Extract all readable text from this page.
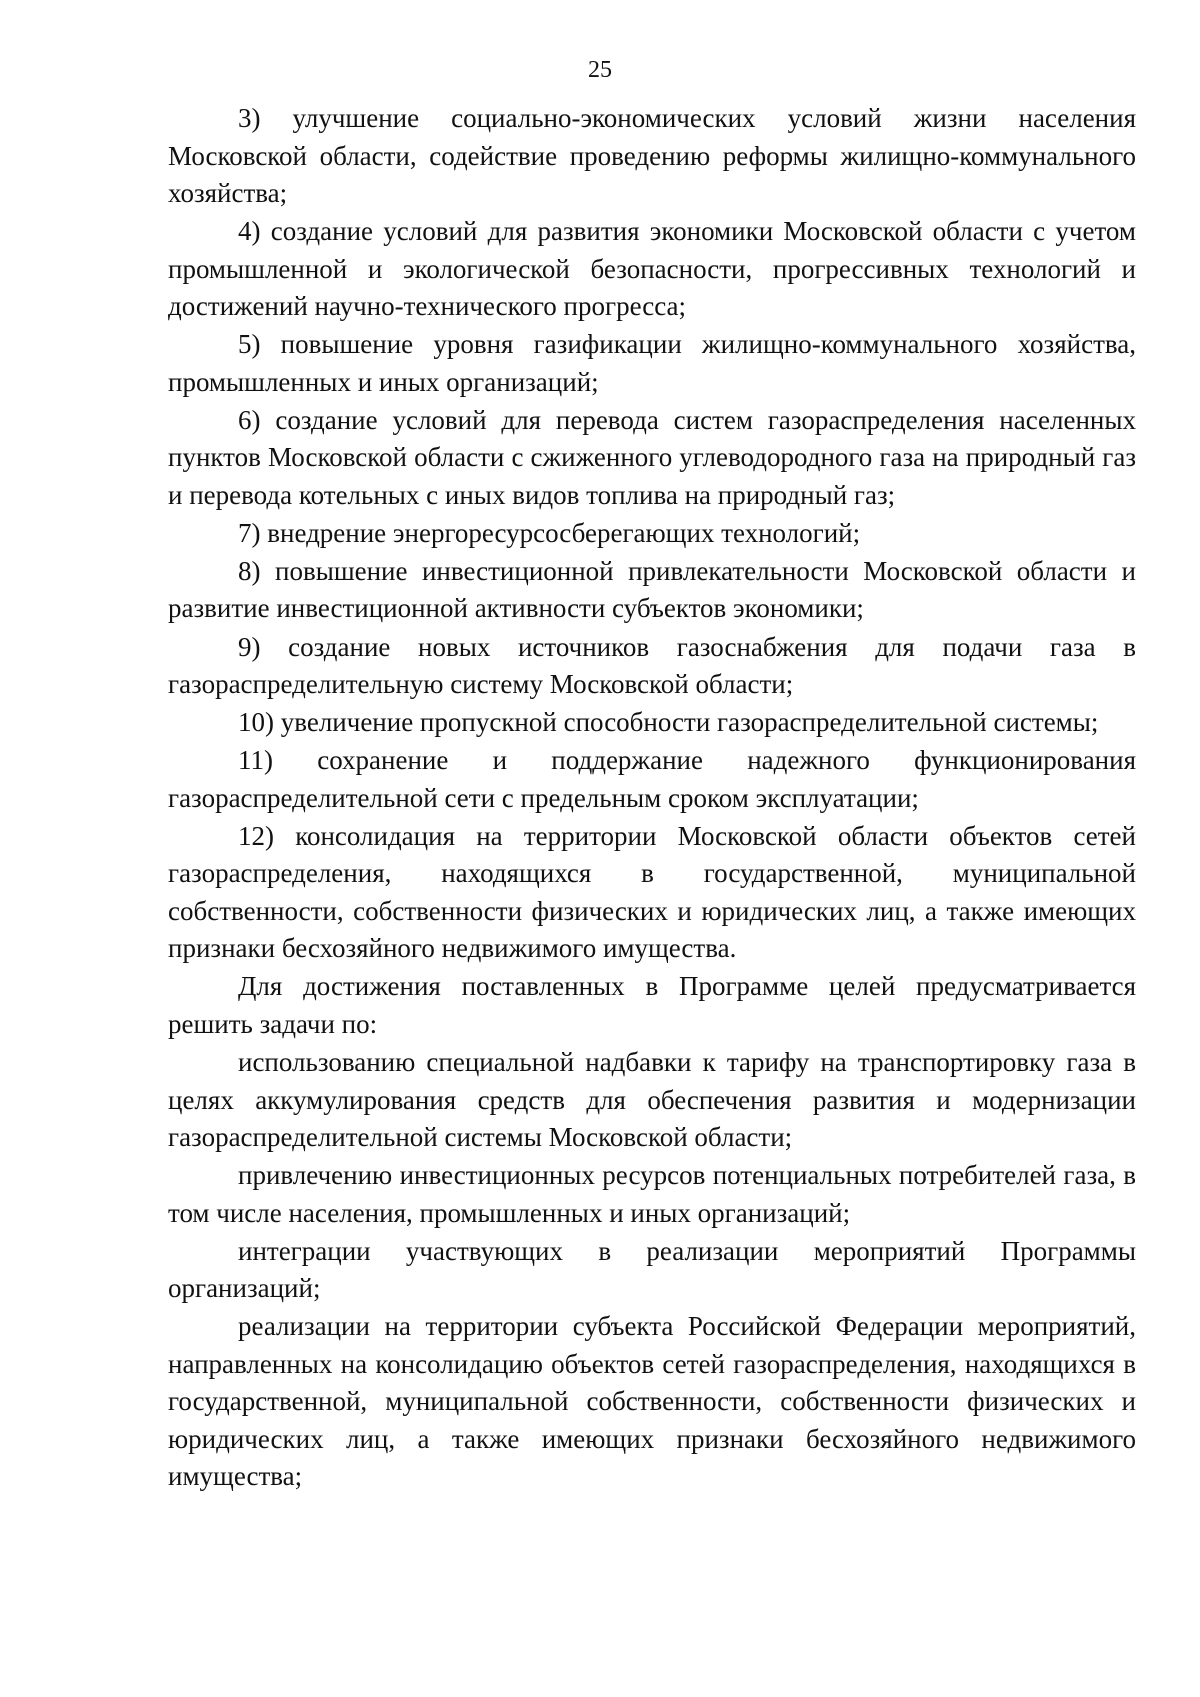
25

3) улучшение социально-экономических условий жизни населения Московской области, содействие проведению реформы жилищно-коммунального хозяйства;

4) создание условий для развития экономики Московской области с учетом промышленной и экологической безопасности, прогрессивных технологий и достижений научно-технического прогресса;

5) повышение уровня газификации жилищно-коммунального хозяйства, промышленных и иных организаций;

6) создание условий для перевода систем газораспределения населенных пунктов Московской области с сжиженного углеводородного газа на природный газ и перевода котельных с иных видов топлива на природный газ;

7) внедрение энергоресурсосберегающих технологий;

8) повышение инвестиционной привлекательности Московской области и развитие инвестиционной активности субъектов экономики;

9) создание новых источников газоснабжения для подачи газа в газораспределительную систему Московской области;

10) увеличение пропускной способности газораспределительной системы;

11) сохранение и поддержание надежного функционирования газораспределительной сети с предельным сроком эксплуатации;

12) консолидация на территории Московской области объектов сетей газораспределения, находящихся в государственной, муниципальной собственности, собственности физических и юридических лиц, а также имеющих признаки бесхозяйного недвижимого имущества.

Для достижения поставленных в Программе целей предусматривается решить задачи по:

использованию специальной надбавки к тарифу на транспортировку газа в целях аккумулирования средств для обеспечения развития и модернизации газораспределительной системы Московской области;

привлечению инвестиционных ресурсов потенциальных потребителей газа, в том числе населения, промышленных и иных организаций;

интеграции участвующих в реализации мероприятий Программы организаций;

реализации на территории субъекта Российской Федерации мероприятий, направленных на консолидацию объектов сетей газораспределения, находящихся в государственной, муниципальной собственности, собственности физических и юридических лиц, а также имеющих признаки бесхозяйного недвижимого имущества;
